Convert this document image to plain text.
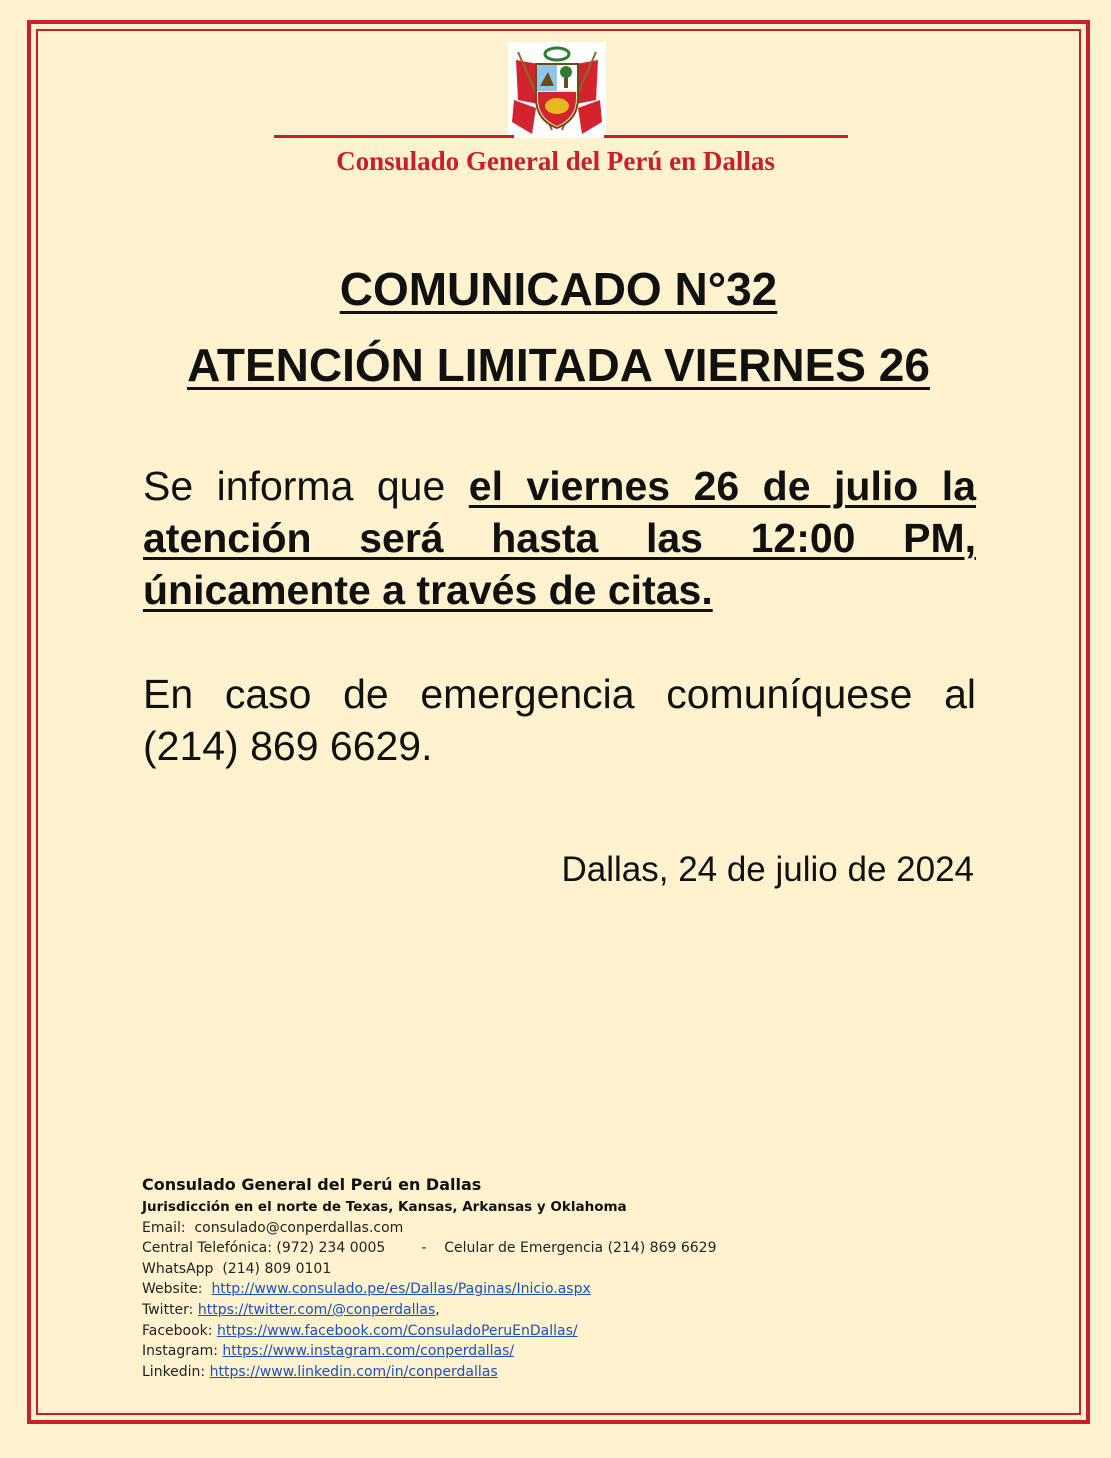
Consulado General del Perú en Dallas
COMUNICADO N°32
ATENCIÓN LIMITADA VIERNES 26
Se informa que el viernes 26 de julio la atención será hasta las 12:00 PM, únicamente a través de citas.
En caso de emergencia comuníquese al (214) 869 6629.
Dallas, 24 de julio de 2024
Consulado General del Perú en Dallas
Jurisdicción en el norte de Texas, Kansas, Arkansas y Oklahoma
Email: consulado@conperdallas.com
Central Telefónica: (972) 234 0005	- Celular de Emergencia (214) 869 6629
WhatsApp (214) 809 0101
Website: http://www.consulado.pe/es/Dallas/Paginas/Inicio.aspx
Twitter: https://twitter.com/@conperdallas,
Facebook: https://www.facebook.com/ConsuladoPeruEnDallas/
Instagram: https://www.instagram.com/conperdallas/
Linkedin: https://www.linkedin.com/in/conperdallas
